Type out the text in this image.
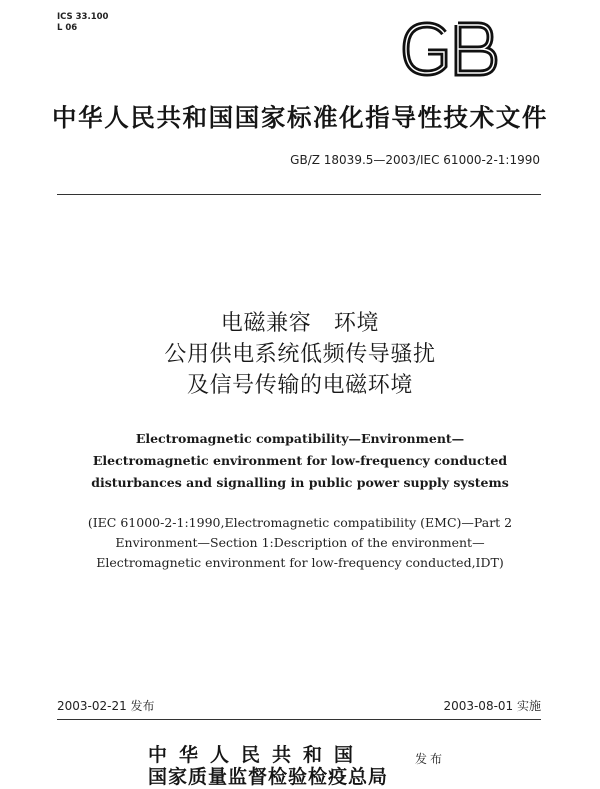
ICS 33.100
L 06
中华人民共和国国家标准化指导性技术文件
GB/Z 18039.5—2003/IEC 61000-2-1:1990
电磁兼容　环境
公用供电系统低频传导骚扰
及信号传输的电磁环境
Electromagnetic compatibility—Environment—
Electromagnetic environment for low-frequency conducted
disturbances and signalling in public power supply systems
(IEC 61000-2-1:1990,Electromagnetic compatibility (EMC)—Part 2
Environment—Section 1:Description of the environment—
Electromagnetic environment for low-frequency conducted,IDT)
2003-02-21 发布	2003-08-01 实施
中华人民共和国
国家质量监督检验检疫总局
发布
